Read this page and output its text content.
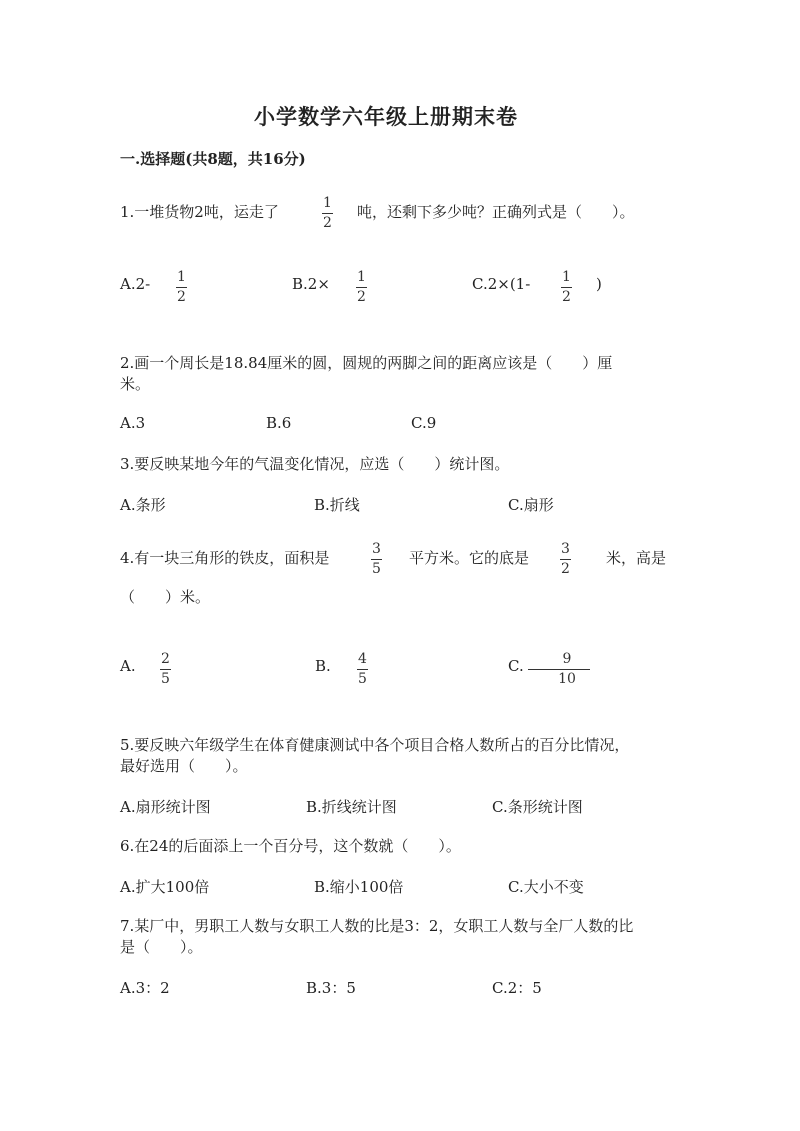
小学数学六年级上册期末卷
一.选择题(共8题，共16分)
1.一堆货物2吨，运走了	1
2
吨，还剩下多少吨？正确列式是（　　）。
A.2- 1
2
B.2× 1
2
C.2×(1- 1
2
)
2.画一个周长是18.84厘米的圆，圆规的两脚之间的距离应该是（　　）厘
米。
A.3	B.6	C.9
3.要反映某地今年的气温变化情况，应选（　　）统计图。
A.条形	B.折线	C.扇形
4.有一块三角形的铁皮，面积是	3
5
平方米。它的底是 3
2
米，高是
（　　）米。
A. 2
5
B. 4
5
C.	9
10
5.要反映六年级学生在体育健康测试中各个项目合格人数所占的百分比情况，
最好选用（　　）。
A.扇形统计图	B.折线统计图	C.条形统计图
6.在24的后面添上一个百分号，这个数就（　　）。
A.扩大100倍	B.缩小100倍	C.大小不变
7.某厂中，男职工人数与女职工人数的比是3：2，女职工人数与全厂人数的比
是（　　）。
A.3：2	B.3：5	C.2：5
